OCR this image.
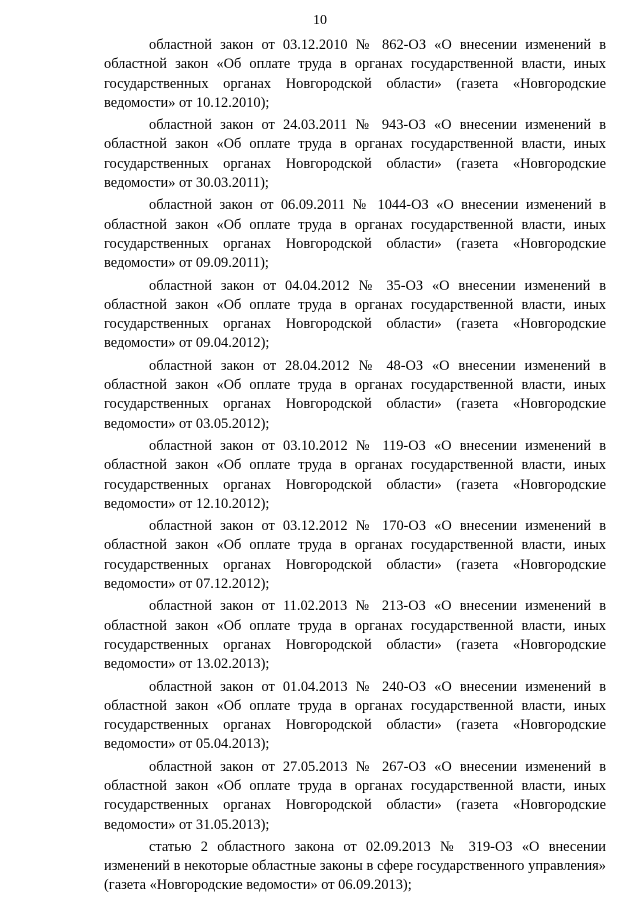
10

областной закон от 03.12.2010 № 862-ОЗ «О внесении изменений в областной закон «Об оплате труда в органах государственной власти, иных государственных органах Новгородской области» (газета «Новгородские ведомости» от 10.12.2010);

областной закон от 24.03.2011 № 943-ОЗ «О внесении изменений в областной закон «Об оплате труда в органах государственной власти, иных государственных органах Новгородской области» (газета «Новгородские ведомости» от 30.03.2011);

областной закон от 06.09.2011 № 1044-ОЗ «О внесении изменений в областной закон «Об оплате труда в органах государственной власти, иных государственных органах Новгородской области» (газета «Новгородские ведомости» от 09.09.2011);

областной закон от 04.04.2012 № 35-ОЗ «О внесении изменений в областной закон «Об оплате труда в органах государственной власти, иных государственных органах Новгородской области» (газета «Новгородские ведомости» от 09.04.2012);

областной закон от 28.04.2012 № 48-ОЗ «О внесении изменений в областной закон «Об оплате труда в органах государственной власти, иных государственных органах Новгородской области» (газета «Новгородские ведомости» от 03.05.2012);

областной закон от 03.10.2012 № 119-ОЗ «О внесении изменений в областной закон «Об оплате труда в органах государственной власти, иных государственных органах Новгородской области» (газета «Новгородские ведомости» от 12.10.2012);

областной закон от 03.12.2012 № 170-ОЗ «О внесении изменений в областной закон «Об оплате труда в органах государственной власти, иных государственных органах Новгородской области» (газета «Новгородские ведомости» от 07.12.2012);

областной закон от 11.02.2013 № 213-ОЗ «О внесении изменений в областной закон «Об оплате труда в органах государственной власти, иных государственных органах Новгородской области» (газета «Новгородские ведомости» от 13.02.2013);

областной закон от 01.04.2013 № 240-ОЗ «О внесении изменений в областной закон «Об оплате труда в органах государственной власти, иных государственных органах Новгородской области» (газета «Новгородские ведомости» от 05.04.2013);

областной закон от 27.05.2013 № 267-ОЗ «О внесении изменений в областной закон «Об оплате труда в органах государственной власти, иных государственных органах Новгородской области» (газета «Новгородские ведомости» от 31.05.2013);

статью 2 областного закона от 02.09.2013 № 319-ОЗ «О внесении изменений в некоторые областные законы в сфере государственного управления» (газета «Новгородские ведомости» от 06.09.2013);
